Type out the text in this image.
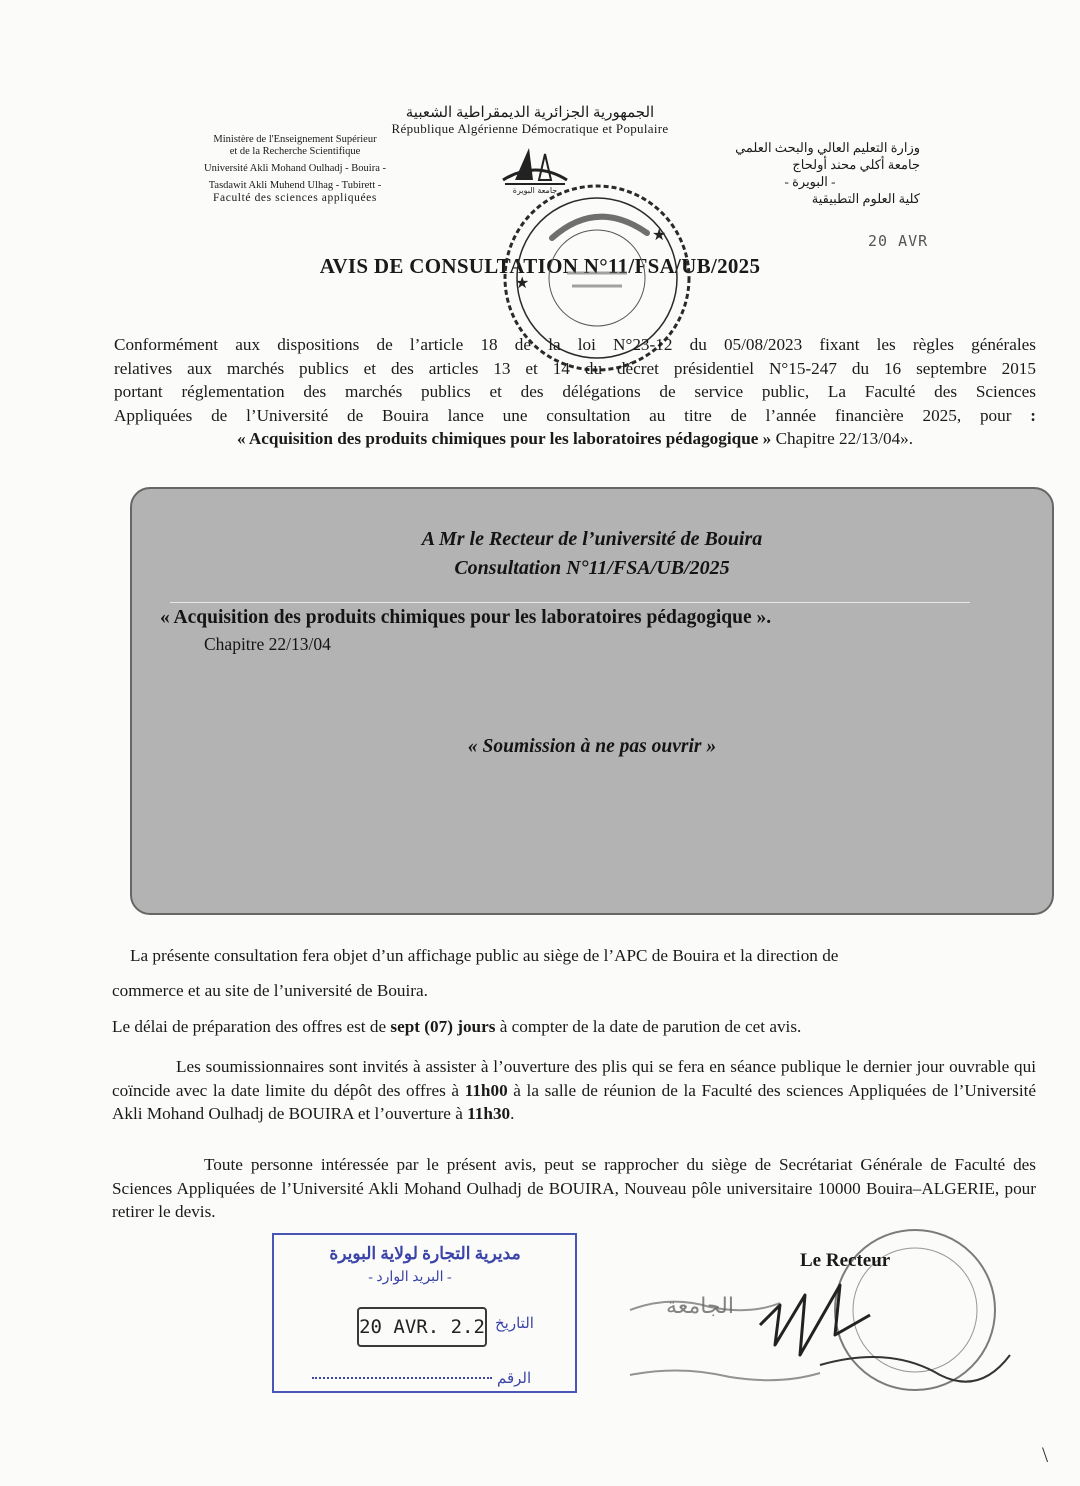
الجمهورية الجزائرية الديمقراطية الشعبية
République Algérienne Démocratique et Populaire
Ministère de l'Enseignement Supérieur
et de la Recherche Scientifique
Université Akli Mohand Oulhadj - Bouira -
Tasdawit Akli Muhend Ulhag - Tubirett -
Faculté des sciences appliquées
وزارة التعليم العالي والبحث العلمي
جامعة أكلي محند أولحاج
- البويرة -
كلية العلوم التطبيقية
جامعة البويرة
20 AVR
AVIS DE CONSULTATION N°11/FSA/UB/2025
★
★
Conformément aux dispositions de l’article 18 de la loi N°23-12 du 05/08/2023 fixant les règles générales
relatives aux marchés publics et des articles 13 et 14 du décret présidentiel N°15-247 du 16 septembre 2015
portant réglementation des marchés publics et des délégations de service public, La Faculté des Sciences
Appliquées de l’Université de Bouira lance une consultation au titre de l’année financière 2025, pour :
« Acquisition des produits chimiques pour les laboratoires pédagogique » Chapitre 22/13/04».
A Mr le Recteur de l’université de Bouira
Consultation N°11/FSA/UB/2025
« Acquisition des produits chimiques pour les laboratoires pédagogique ».
Chapitre 22/13/04
« Soumission à ne pas ouvrir »
La présente consultation fera objet d’un affichage public au siège de l’APC de Bouira et la direction de
commerce et au site de l’université de Bouira.
Le délai de préparation des offres est de sept (07) jours à compter de la date de parution de cet avis.
Les soumissionnaires sont invités à assister à l’ouverture des plis qui se fera en séance publique le dernier jour ouvrable qui coïncide avec la date limite du dépôt des offres à 11h00 à la salle de réunion de la Faculté des sciences Appliquées de l’Université Akli Mohand Oulhadj de BOUIRA et l’ouverture à 11h30.
Toute personne intéressée par le présent avis, peut se rapprocher du siège de Secrétariat Générale de Faculté des Sciences Appliquées de l’Université Akli Mohand Oulhadj de BOUIRA, Nouveau pôle universitaire 10000 Bouira–ALGERIE, pour retirer le devis.
مديرية التجارة لولاية البويرة
- البريد الوارد -
20 AVR. 2.2 التاريخ
الرقم
الجامعة
Le Recteur
\
